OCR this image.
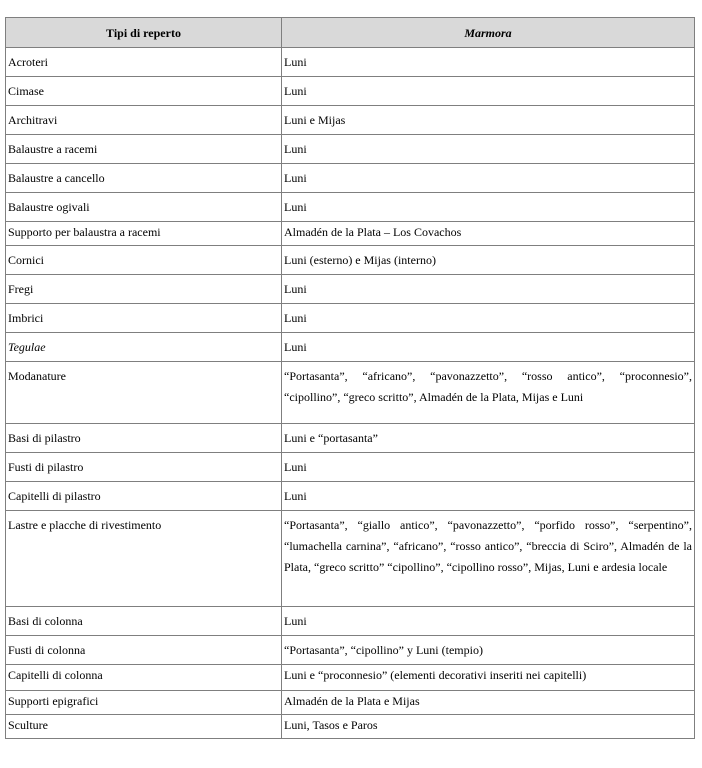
Tipi di reperto	Marmora
Acroteri	Luni
Cimase	Luni
Architravi	Luni e Mijas
Balaustre a racemi	Luni
Balaustre a cancello	Luni
Balaustre ogivali	Luni
Supporto per balaustra a racemi	Almadén de la Plata – Los Covachos
Cornici	Luni (esterno) e Mijas (interno)
Fregi	Luni
Imbrici	Luni
Tegulae	Luni
Modanature	“Portasanta”, “africano”, “pavonazzetto”, “rosso antico”, “proconnesio”, “cipollino”, “greco scritto”, Almadén de la Plata, Mijas e Luni
Basi di pilastro	Luni e “portasanta”
Fusti di pilastro	Luni
Capitelli di pilastro	Luni
Lastre e placche di rivestimento	“Portasanta”, “giallo antico”, “pavonazzetto”, “porfido rosso”, “serpentino”, “lumachella carnina”, “africano”, “rosso antico”, “breccia di Sciro”, Almadén de la Plata, “greco scritto” “cipollino”, “cipollino rosso”, Mijas, Luni e ardesia locale
Basi di colonna	Luni
Fusti di colonna	“Portasanta”, “cipollino” y Luni (tempio)
Capitelli di colonna	Luni e “proconnesio” (elementi decorativi inseriti nei capitelli)
Supporti epigrafici	Almadén de la Plata e Mijas
Sculture	Luni, Tasos e Paros
